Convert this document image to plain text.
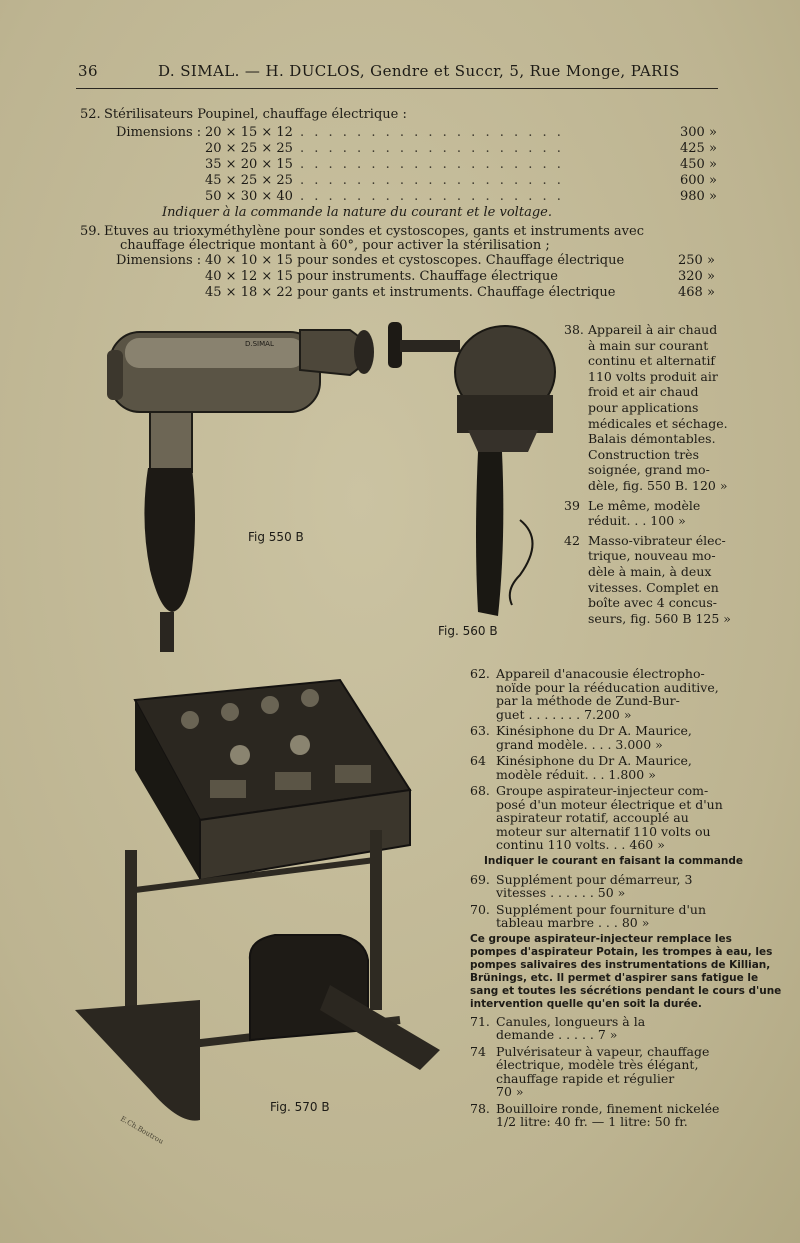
36	D. SIMAL. — H. DUCLOS, Gendre et Succr, 5, Rue Monge, PARIS
52. Stérilisateurs Poupinel, chauffage électrique :
Dimensions : 20 × 15 × 12 . . . . . . . . . . . . . . . . . . .	300 »
20 × 25 × 25 . . . . . . . . . . . . . . . . . . .	425 »
35 × 20 × 15 . . . . . . . . . . . . . . . . . . .	450 »
45 × 25 × 25 . . . . . . . . . . . . . . . . . . .	600 »
50 × 30 × 40 . . . . . . . . . . . . . . . . . . .	980 »
Indiquer à la commande la nature du courant et le voltage.
59. Etuves au trioxyméthylène pour sondes et cystoscopes, gants et instruments avec
chauffage électrique montant à 60°, pour activer la stérilisation ;
Dimensions : 40 × 10 × 15 pour sondes et cystoscopes. Chauffage électrique	250 »
40 × 12 × 15 pour instruments. Chauffage électrique	320 »
45 × 18 × 22 pour gants et instruments. Chauffage électrique	468 »
D.SIMAL
E.Ch.Boutrou
Fig 550 B
Fig. 560 B
Fig. 570 B
38. Appareil à air chaud
à main sur courant
continu et alternatif
110 volts produit air
froid et air chaud
pour applications
médicales et séchage.
Balais démontables.
Construction très
soignée, grand mo-
dèle, fig. 550 B. 120 »
39 Le même, modèle
réduit. . . 100 »
42 Masso-vibrateur élec-
trique, nouveau mo-
dèle à main, à deux
vitesses. Complet en
boîte avec 4 concus-
seurs, fig. 560 B 125 »
62. Appareil d'anacousie électropho-
noïde pour la rééducation auditive,
par la méthode de Zund-Bur-
guet . . . . . . . 7.200 »
63. Kinésiphone du Dr A. Maurice,
grand modèle. . . . 3.000 »
64 Kinésiphone du Dr A. Maurice,
modèle réduit. . . 1.800 »
68. Groupe aspirateur-injecteur com-
posé d'un moteur électrique et d'un
aspirateur rotatif, accouplé au
moteur sur alternatif 110 volts ou
continu 110 volts. . . 460 »
Indiquer le courant en faisant la commande
69. Supplément pour démarreur, 3
vitesses . . . . . . 50 »
70. Supplément pour fourniture d'un
tableau marbre . . . 80 »
Ce groupe aspirateur-injecteur remplace les
pompes d'aspirateur Potain, les trompes à eau, les
pompes salivaires des instrumentations de Killian,
Brünings, etc. Il permet d'aspirer sans fatigue le
sang et toutes les sécrétions pendant le cours d'une
intervention quelle qu'en soit la durée.
71. Canules, longueurs à la
demande . . . . . 7 »
74 Pulvérisateur à vapeur, chauffage
électrique, modèle très élégant,
chauffage rapide et régulier
70 »
78. Bouilloire ronde, finement nickelée
1/2 litre: 40 fr. — 1 litre: 50 fr.
